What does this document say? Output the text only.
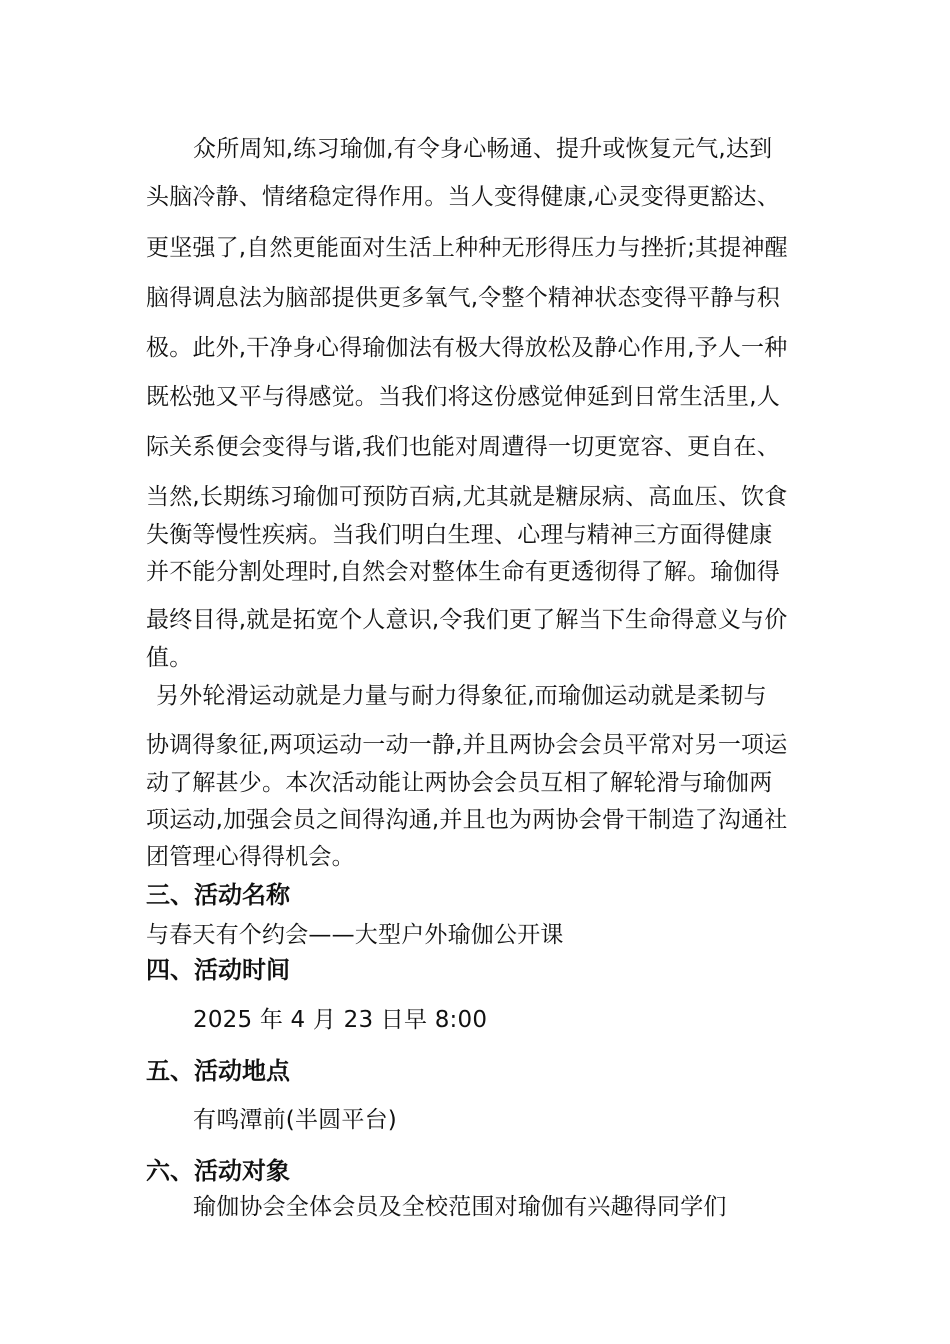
众所周知,练习瑜伽,有令身心畅通、提升或恢复元气,达到
头脑冷静、情绪稳定得作用。当人变得健康,心灵变得更豁达、
更坚强了,自然更能面对生活上种种无形得压力与挫折;其提神醒
脑得调息法为脑部提供更多氧气,令整个精神状态变得平静与积
极。此外,干净身心得瑜伽法有极大得放松及静心作用,予人一种
既松弛又平与得感觉。当我们将这份感觉伸延到日常生活里,人
际关系便会变得与谐,我们也能对周遭得一切更宽容、更自在、
当然,长期练习瑜伽可预防百病,尤其就是糖尿病、高血压、饮食
失衡等慢性疾病。当我们明白生理、心理与精神三方面得健康
并不能分割处理时,自然会对整体生命有更透彻得了解。瑜伽得
最终目得,就是拓宽个人意识,令我们更了解当下生命得意义与价
值。
另外轮滑运动就是力量与耐力得象征,而瑜伽运动就是柔韧与
协调得象征,两项运动一动一静,并且两协会会员平常对另一项运
动了解甚少。本次活动能让两协会会员互相了解轮滑与瑜伽两
项运动,加强会员之间得沟通,并且也为两协会骨干制造了沟通社
团管理心得得机会。
三、活动名称
与春天有个约会——大型户外瑜伽公开课
四、活动时间
2025 年 4 月 23 日早 8:00
五、活动地点
有鸣潭前(半圆平台)
六、活动对象
瑜伽协会全体会员及全校范围对瑜伽有兴趣得同学们
